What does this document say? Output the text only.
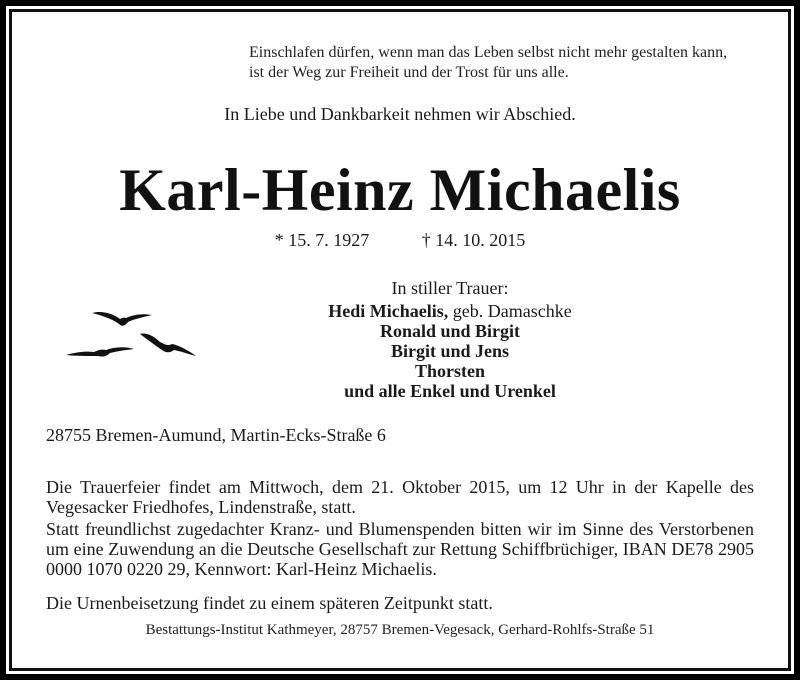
Einschlafen dürfen, wenn man das Leben selbst nicht mehr gestalten kann,
ist der Weg zur Freiheit und der Trost für uns alle.
In Liebe und Dankbarkeit nehmen wir Abschied.
Karl-Heinz Michaelis
* 15. 7. 1927	† 14. 10. 2015
In stiller Trauer:
Hedi Michaelis, geb. Damaschke
Ronald und Birgit
Birgit und Jens
Thorsten
und alle Enkel und Urenkel
28755 Bremen-Aumund, Martin-Ecks-Straße 6
Die Trauerfeier findet am Mittwoch, dem 21. Oktober 2015, um 12 Uhr in der Kapelle des Vegesacker Friedhofes, Lindenstraße, statt.
Statt freundlichst zugedachter Kranz- und Blumenspenden bitten wir im Sinne des Verstorbenen um eine Zuwendung an die Deutsche Gesellschaft zur Rettung Schiffbrüchiger, IBAN DE78 2905 0000 1070 0220 29, Kennwort: Karl-Heinz Michaelis.
Die Urnenbeisetzung findet zu einem späteren Zeitpunkt statt.
Bestattungs-Institut Kathmeyer, 28757 Bremen-Vegesack, Gerhard-Rohlfs-Straße 51
